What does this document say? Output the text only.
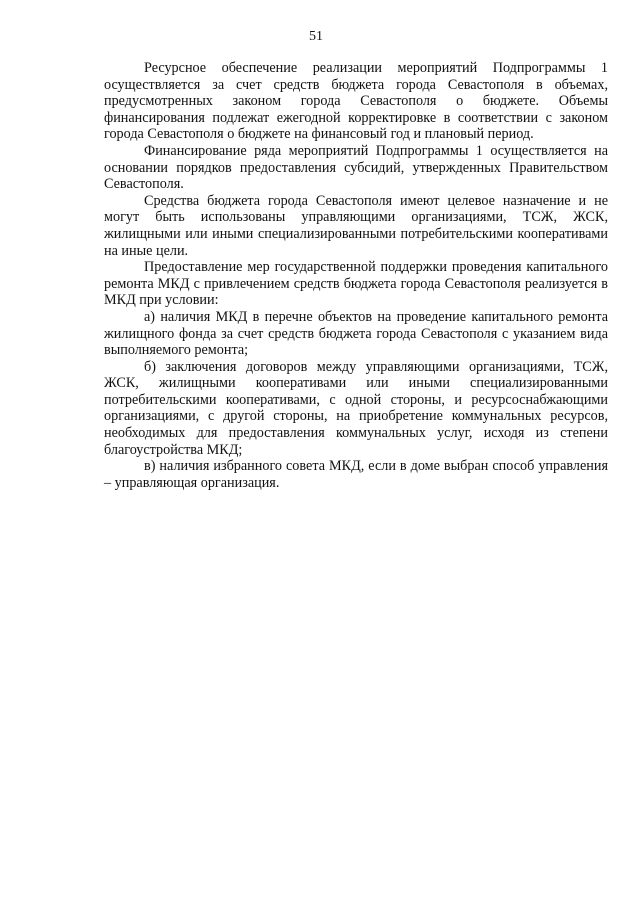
51

Ресурсное обеспечение реализации мероприятий Подпрограммы 1 осуществляется за счет средств бюджета города Севастополя в объемах, предусмотренных законом города Севастополя о бюджете. Объемы финансирования подлежат ежегодной корректировке в соответствии с законом города Севастополя о бюджете на финансовый год и плановый период.

Финансирование ряда мероприятий Подпрограммы 1 осуществляется на основании порядков предоставления субсидий, утвержденных Правительством Севастополя.

Средства бюджета города Севастополя имеют целевое назначение и не могут быть использованы управляющими организациями, ТСЖ, ЖСК, жилищными или иными специализированными потребительскими кооперативами на иные цели.

Предоставление мер государственной поддержки проведения капитального ремонта МКД с привлечением средств бюджета города Севастополя реализуется в МКД при условии:

а) наличия МКД в перечне объектов на проведение капитального ремонта жилищного фонда за счет средств бюджета города Севастополя с указанием вида выполняемого ремонта;

б) заключения договоров между управляющими организациями, ТСЖ, ЖСК, жилищными кооперативами или иными специализированными потребительскими кооперативами, с одной стороны, и ресурсоснабжающими организациями, с другой стороны, на приобретение коммунальных ресурсов, необходимых для предоставления коммунальных услуг, исходя из степени благоустройства МКД;

в) наличия избранного совета МКД, если в доме выбран способ управления – управляющая организация.
